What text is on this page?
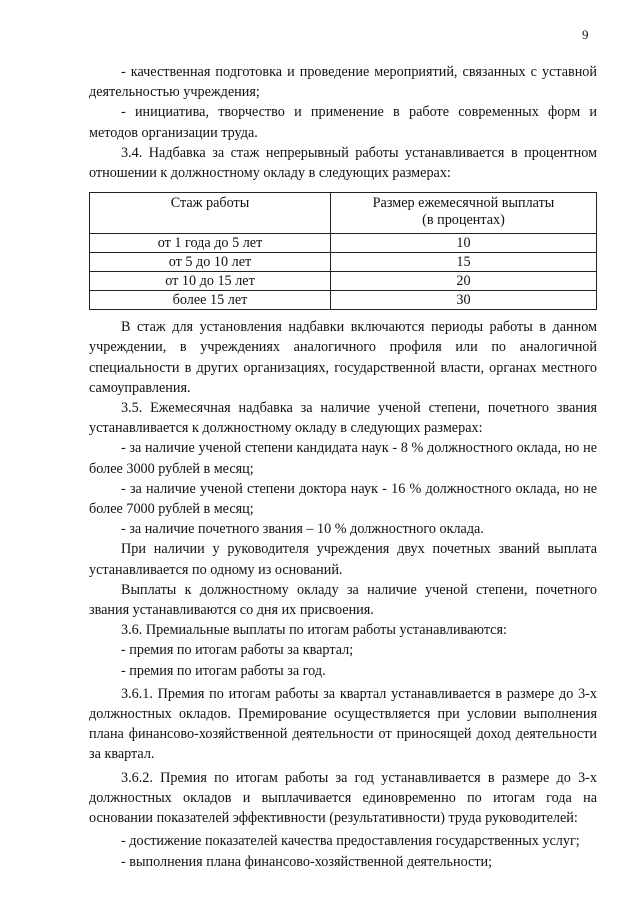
9

- качественная подготовка и проведение мероприятий, связанных с уставной деятельностью учреждения;

- инициатива, творчество и применение в работе современных форм и методов организации труда.

3.4. Надбавка за стаж непрерывный работы устанавливается в процентном отношении к должностному окладу в следующих размерах:

Стаж работы	Размер ежемесячной выплаты
(в процентах)
от 1 года до 5 лет	10
от 5 до 10 лет	15
от 10 до 15 лет	20
более 15 лет	30

В стаж для установления надбавки включаются периоды работы в данном учреждении, в учреждениях аналогичного профиля или по аналогичной специальности в других организациях, государственной власти, органах местного самоуправления.

3.5. Ежемесячная надбавка за наличие ученой степени, почетного звания устанавливается к должностному окладу в следующих размерах:

- за наличие ученой степени кандидата наук - 8 % должностного оклада, но не более 3000 рублей в месяц;

- за наличие ученой степени доктора наук - 16 % должностного оклада, но не более 7000 рублей в месяц;

- за наличие почетного звания – 10 % должностного оклада.

При наличии у руководителя учреждения двух почетных званий выплата устанавливается по одному из оснований.

Выплаты к должностному окладу за наличие ученой степени, почетного звания устанавливаются со дня их присвоения.

3.6. Премиальные выплаты по итогам работы устанавливаются:

- премия по итогам работы за квартал;

- премия по итогам работы за год.

3.6.1. Премия по итогам работы за квартал устанавливается в размере до 3-х должностных окладов. Премирование осуществляется при условии выполнения плана финансово-хозяйственной деятельности от приносящей доход деятельности за квартал.

3.6.2. Премия по итогам работы за год устанавливается в размере до 3-х должностных окладов и выплачивается единовременно по итогам года на основании показателей эффективности (результативности) труда руководителей:

- достижение показателей качества предоставления государственных услуг;

- выполнения плана финансово-хозяйственной деятельности;
